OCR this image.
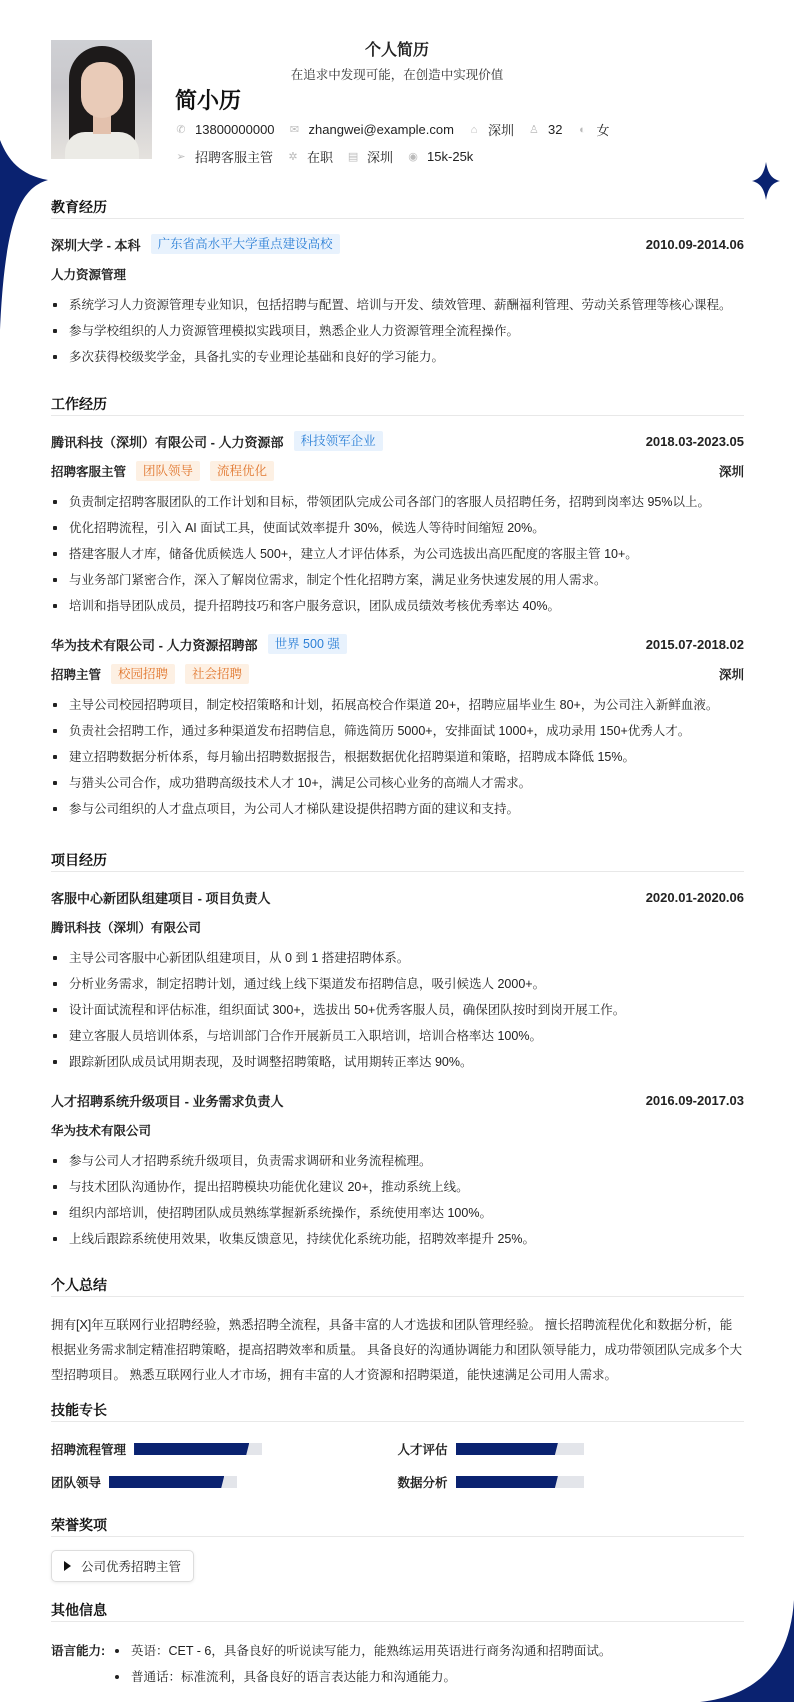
个人简历
在追求中发现可能，在创造中实现价值
简小历
✆ 13800000000 ✉ zhangwei@example.com ⌂ 深圳 ♙ 32 ◐ 女
➢ 招聘客服主管 ✲ 在职 ▤ 深圳 ◉ 15k-25k
教育经历
深圳大学 - 本科	广东省高水平大学重点建设高校	2010.09-2014.06
人力资源管理
系统学习人力资源管理专业知识，包括招聘与配置、培训与开发、绩效管理、薪酬福利管理、劳动关系管理等核心课程。
参与学校组织的人力资源管理模拟实践项目，熟悉企业人力资源管理全流程操作。
多次获得校级奖学金，具备扎实的专业理论基础和良好的学习能力。
工作经历
腾讯科技（深圳）有限公司 - 人力资源部	科技领军企业	2018.03-2023.05
招聘客服主管	团队领导	流程优化	深圳
负责制定招聘客服团队的工作计划和目标，带领团队完成公司各部门的客服人员招聘任务，招聘到岗率达 95%以上。
优化招聘流程，引入 AI 面试工具，使面试效率提升 30%，候选人等待时间缩短 20%。
搭建客服人才库，储备优质候选人 500+，建立人才评估体系，为公司选拔出高匹配度的客服主管 10+。
与业务部门紧密合作，深入了解岗位需求，制定个性化招聘方案，满足业务快速发展的用人需求。
培训和指导团队成员，提升招聘技巧和客户服务意识，团队成员绩效考核优秀率达 40%。
华为技术有限公司 - 人力资源招聘部	世界 500 强	2015.07-2018.02
招聘主管	校园招聘	社会招聘	深圳
主导公司校园招聘项目，制定校招策略和计划，拓展高校合作渠道 20+，招聘应届毕业生 80+，为公司注入新鲜血液。
负责社会招聘工作，通过多种渠道发布招聘信息，筛选简历 5000+，安排面试 1000+，成功录用 150+优秀人才。
建立招聘数据分析体系，每月输出招聘数据报告，根据数据优化招聘渠道和策略，招聘成本降低 15%。
与猎头公司合作，成功猎聘高级技术人才 10+，满足公司核心业务的高端人才需求。
参与公司组织的人才盘点项目，为公司人才梯队建设提供招聘方面的建议和支持。
项目经历
客服中心新团队组建项目 - 项目负责人	2020.01-2020.06
腾讯科技（深圳）有限公司
主导公司客服中心新团队组建项目，从 0 到 1 搭建招聘体系。
分析业务需求，制定招聘计划，通过线上线下渠道发布招聘信息，吸引候选人 2000+。
设计面试流程和评估标准，组织面试 300+，选拔出 50+优秀客服人员，确保团队按时到岗开展工作。
建立客服人员培训体系，与培训部门合作开展新员工入职培训，培训合格率达 100%。
跟踪新团队成员试用期表现，及时调整招聘策略，试用期转正率达 90%。
人才招聘系统升级项目 - 业务需求负责人	2016.09-2017.03
华为技术有限公司
参与公司人才招聘系统升级项目，负责需求调研和业务流程梳理。
与技术团队沟通协作，提出招聘模块功能优化建议 20+，推动系统上线。
组织内部培训，使招聘团队成员熟练掌握新系统操作，系统使用率达 100%。
上线后跟踪系统使用效果，收集反馈意见，持续优化系统功能，招聘效率提升 25%。
个人总结
拥有[X]年互联网行业招聘经验，熟悉招聘全流程，具备丰富的人才选拔和团队管理经验。 擅长招聘流程优化和数据分析，能根据业务需求制定精准招聘策略，提高招聘效率和质量。 具备良好的沟通协调能力和团队领导能力，成功带领团队完成多个大型招聘项目。 熟悉互联网行业人才市场，拥有丰富的人才资源和招聘渠道，能快速满足公司用人需求。
技能专长
招聘流程管理	人才评估
团队领导	数据分析
荣誉奖项
公司优秀招聘主管
其他信息
语言能力:	英语：CET - 6，具备良好的听说读写能力，能熟练运用英语进行商务沟通和招聘面试。
普通话：标准流利，具备良好的语言表达能力和沟通能力。
